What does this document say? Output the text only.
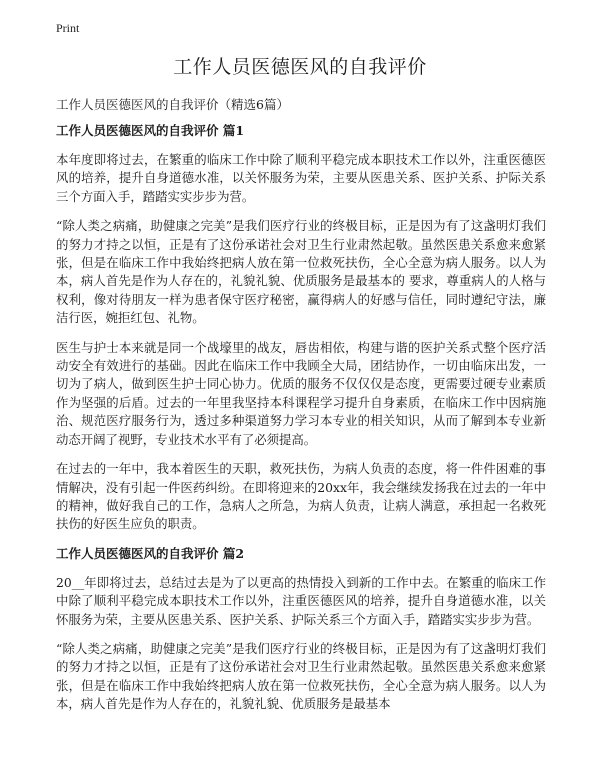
Print
工作人员医德医风的自我评价

工作人员医德医风的自我评价（精选6篇）

工作人员医德医风的自我评价 篇1

本年度即将过去，在繁重的临床工作中除了顺利平稳完成本职技术工作以外，注重医德医风的培养，提升自身道德水准，以关怀服务为荣，主要从医患关系、医护关系、护际关系三个方面入手，踏踏实实步步为营。

“除人类之病痛，助健康之完美”是我们医疗行业的终极目标，正是因为有了这盏明灯我们的努力才持之以恒，正是有了这份承诺社会对卫生行业肃然起敬。虽然医患关系愈来愈紧张，但是在临床工作中我始终把病人放在第一位救死扶伤，全心全意为病人服务。以人为本，病人首先是作为人存在的，礼貌礼貌、优质服务是最基本的 要求，尊重病人的人格与权利，像对待朋友一样为患者保守医疗秘密，赢得病人的好感与信任，同时遵纪守法，廉洁行医，婉拒红包、礼物。

医生与护士本来就是同一个战壕里的战友，唇齿相依，构建与谐的医护关系式整个医疗活动安全有效进行的基础。因此在临床工作中我顾全大局，团结协作，一切由临床出发，一切为了病人，做到医生护士同心协力。优质的服务不仅仅仅是态度，更需要过硬专业素质作为坚强的后盾。过去的一年里我坚持本科课程学习提升自身素质，在临床工作中因病施治、规范医疗服务行为，透过多种渠道努力学习本专业的相关知识，从而了解到本专业新动态开阔了视野，专业技术水平有了必须提高。

在过去的一年中，我本着医生的天职，救死扶伤，为病人负责的态度，将一件件困难的事情解决，没有引起一件医药纠纷。在即将迎来的20xx年，我会继续发扬我在过去的一年中的精神，做好我自己的工作，急病人之所急，为病人负责，让病人满意，承担起一名救死扶伤的好医生应负的职责。

工作人员医德医风的自我评价 篇2

20__年即将过去，总结过去是为了以更高的热情投入到新的工作中去。在繁重的临床工作中除了顺利平稳完成本职技术工作以外，注重医德医风的培养，提升自身道德水准，以关怀服务为荣，主要从医患关系、医护关系、护际关系三个方面入手，踏踏实实步步为营。

“除人类之病痛，助健康之完美”是我们医疗行业的终极目标，正是因为有了这盏明灯我们的努力才持之以恒，正是有了这份承诺社会对卫生行业肃然起敬。虽然医患关系愈来愈紧张，但是在临床工作中我始终把病人放在第一位救死扶伤，全心全意为病人服务。以人为本，病人首先是作为人存在的，礼貌礼貌、优质服务是最基本
